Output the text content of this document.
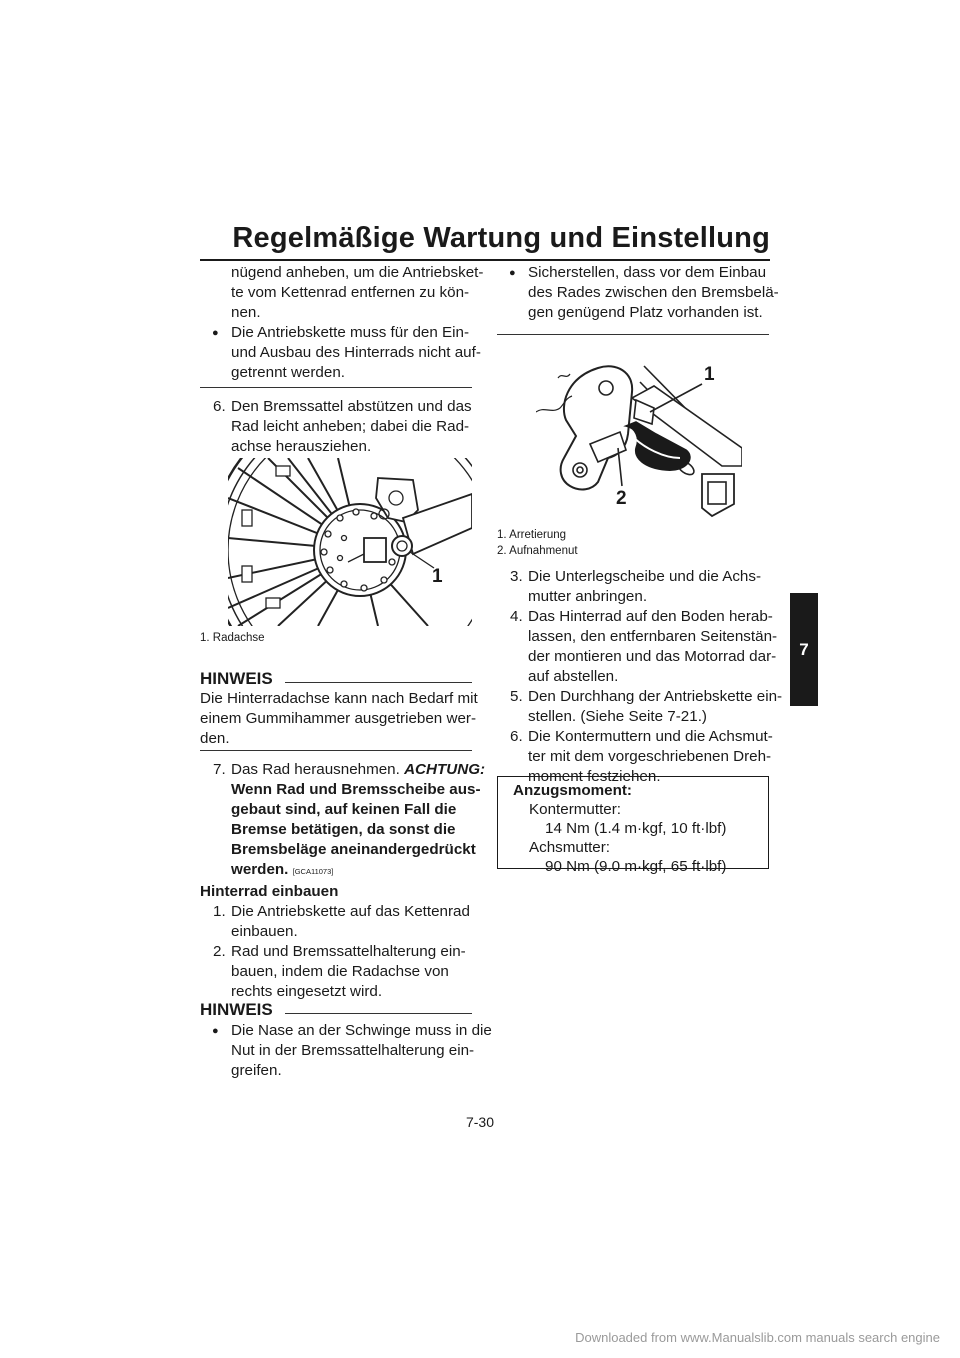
Regelmäßige Wartung und Einstellung
7
nügend anheben, um die Antriebsket-
te vom Kettenrad entfernen zu kön-
nen.
● Die Antriebskette muss für den Ein-
und Ausbau des Hinterrads nicht auf-
getrennt werden.
6. Den Bremssattel abstützen und das
Rad leicht anheben; dabei die Rad-
achse herausziehen.
1
1. Radachse
HINWEIS
Die Hinterradachse kann nach Bedarf mit
einem Gummihammer ausgetrieben wer-
den.
7. Das Rad herausnehmen. ACHTUNG:
Wenn Rad und Bremsscheibe aus-
gebaut sind, auf keinen Fall die
Bremse betätigen, da sonst die
Bremsbeläge aneinandergedrückt
werden. [GCA11073]
Hinterrad einbauen
1. Die Antriebskette auf das Kettenrad
einbauen.
2. Rad und Bremssattelhalterung ein-
bauen, indem die Radachse von
rechts eingesetzt wird.
HINWEIS
● Die Nase an der Schwinge muss in die
Nut in der Bremssattelhalterung ein-
greifen.
● Sicherstellen, dass vor dem Einbau
des Rades zwischen den Bremsbelä-
gen genügend Platz vorhanden ist.
1
2
1. Arretierung
2. Aufnahmenut
3. Die Unterlegscheibe und die Achs-
mutter anbringen.
4. Das Hinterrad auf den Boden herab-
lassen, den entfernbaren Seitenstän-
der montieren und das Motorrad dar-
auf abstellen.
5. Den Durchhang der Antriebskette ein-
stellen. (Siehe Seite 7-21.)
6. Die Kontermuttern und die Achsmut-
ter mit dem vorgeschriebenen Dreh-
moment festziehen.
Anzugsmoment:
Kontermutter:
14 Nm (1.4 m·kgf, 10 ft·lbf)
Achsmutter:
90 Nm (9.0 m·kgf, 65 ft·lbf)
7-30
Downloaded from www.Manualslib.com manuals search engine
